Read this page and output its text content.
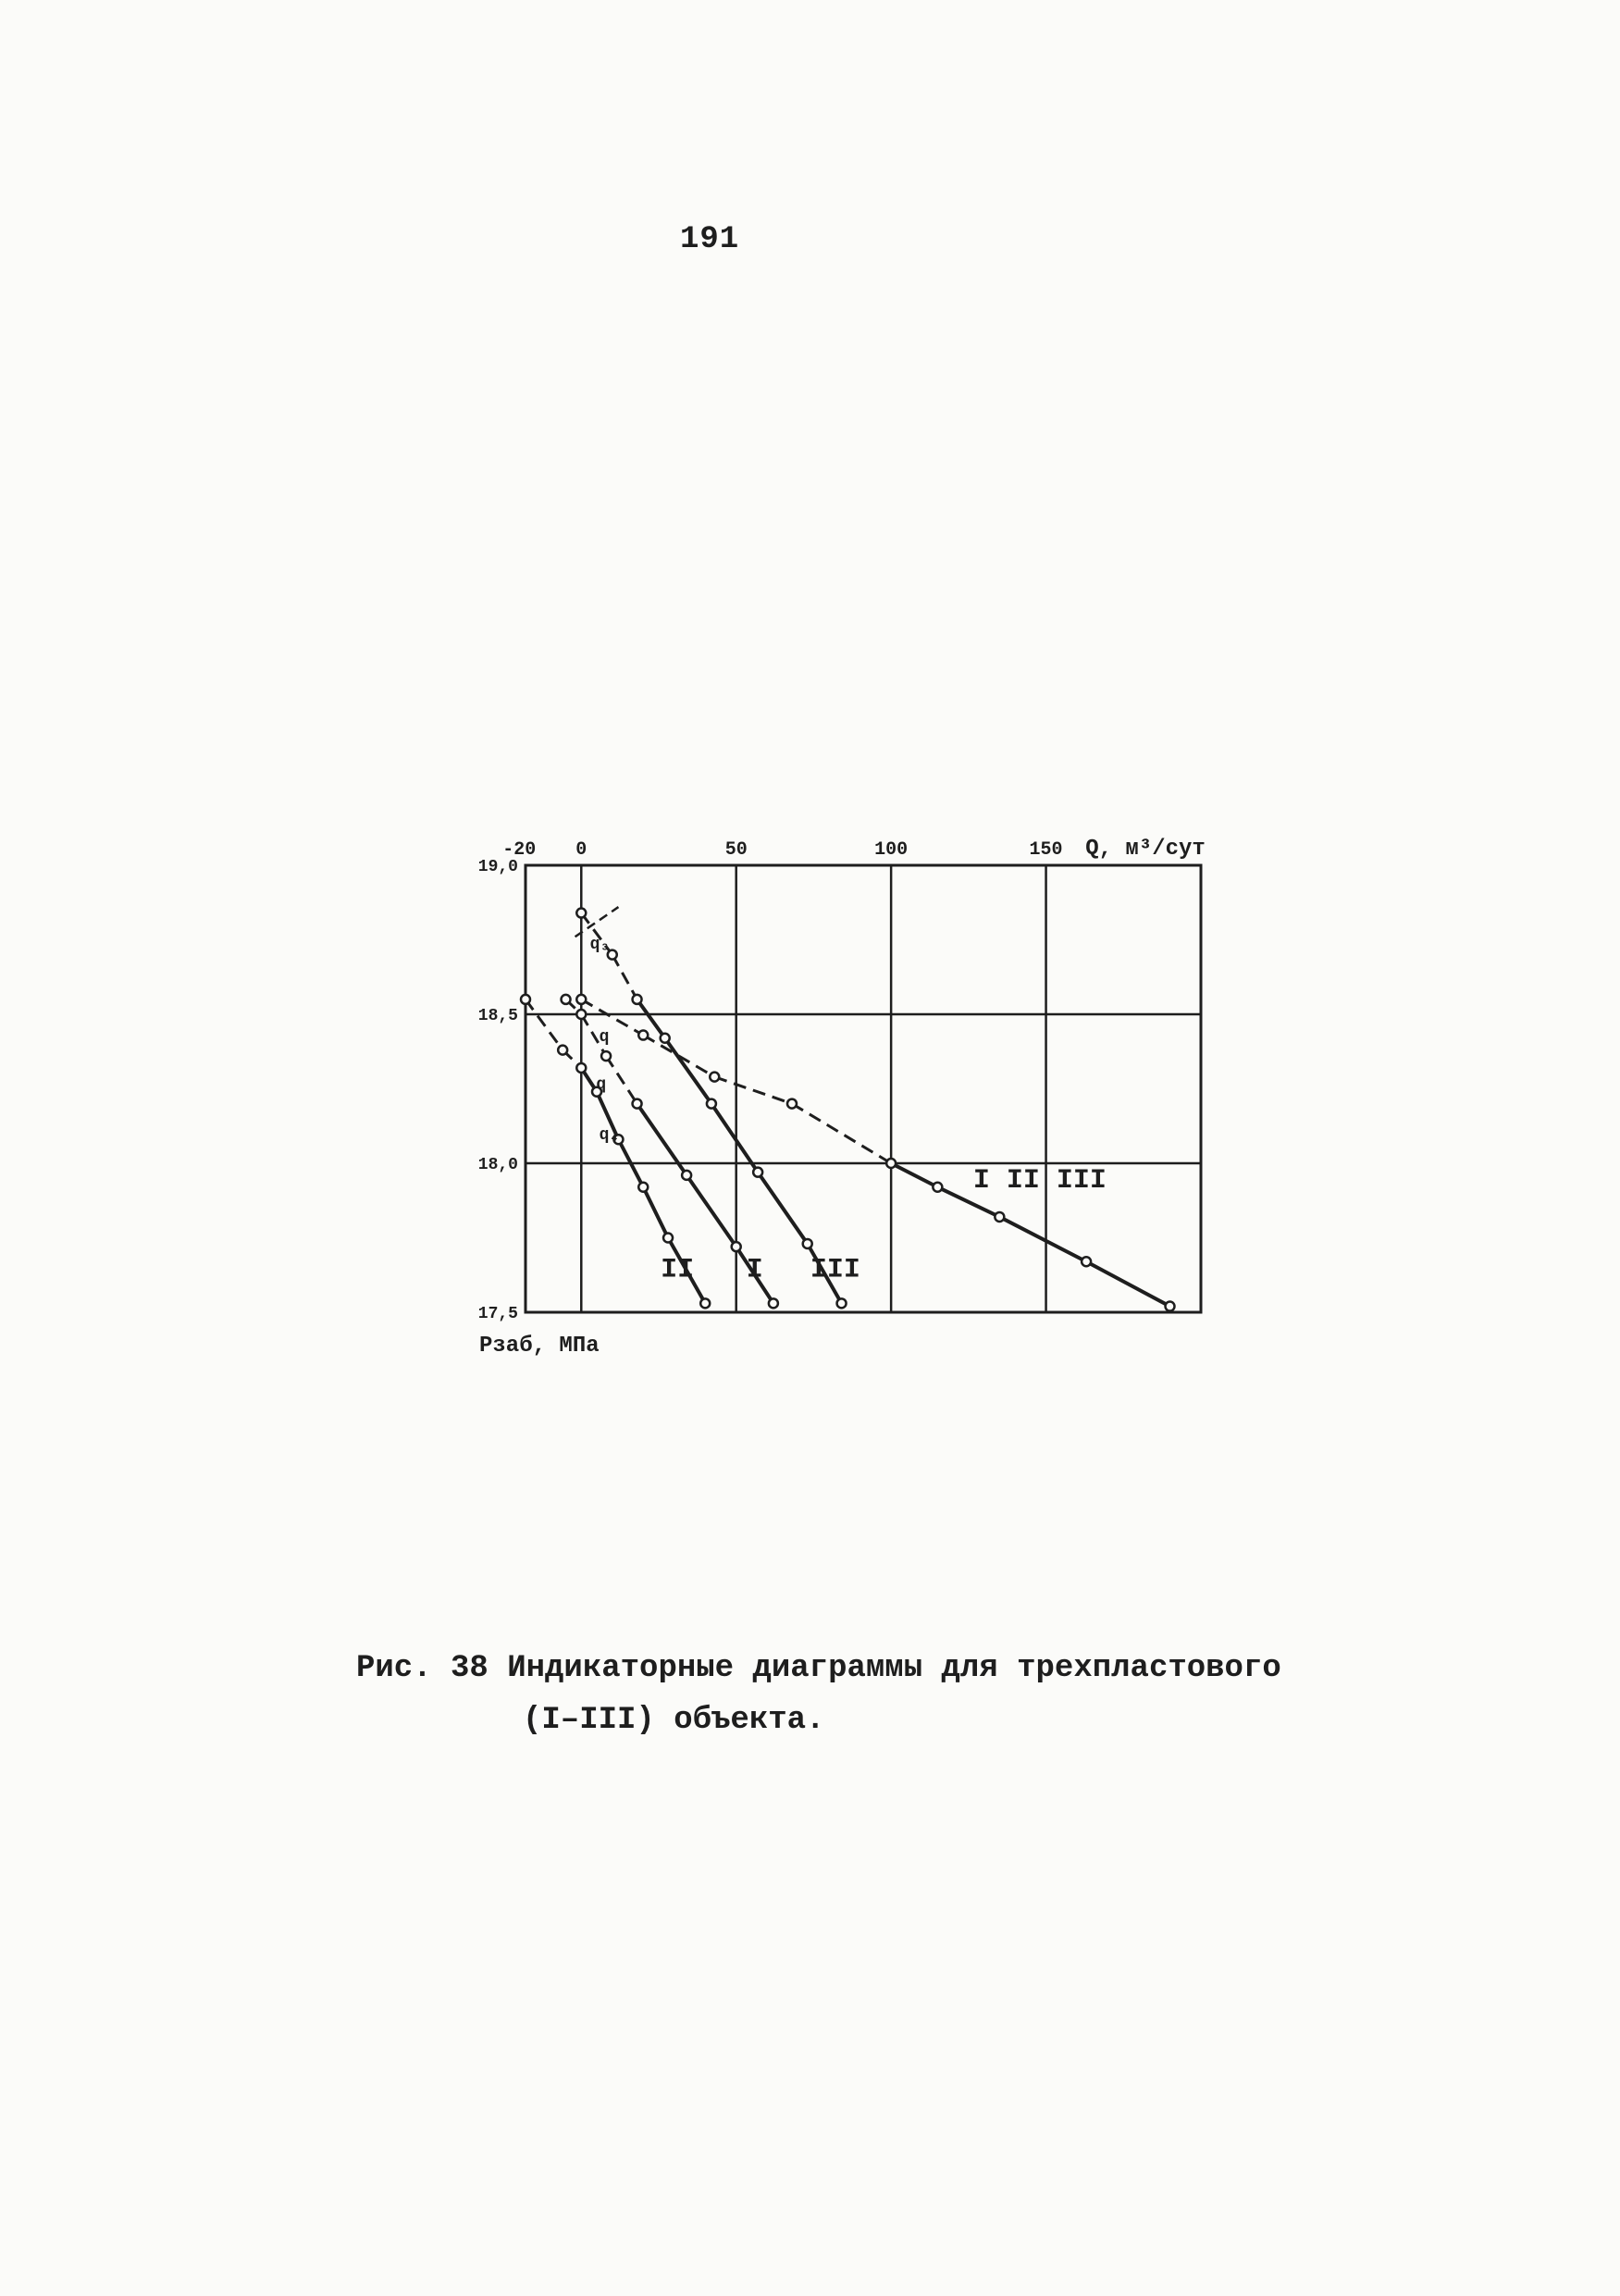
191
-20 0	50	100	150
19,0
18,5
18,0
17,5
Q, м³/сут
Pзаб, МПа
II I III
I II III
q₃
q
q
q₄
Рис. 38 Индикаторные диаграммы для трехпластового
(I–III) объекта.
